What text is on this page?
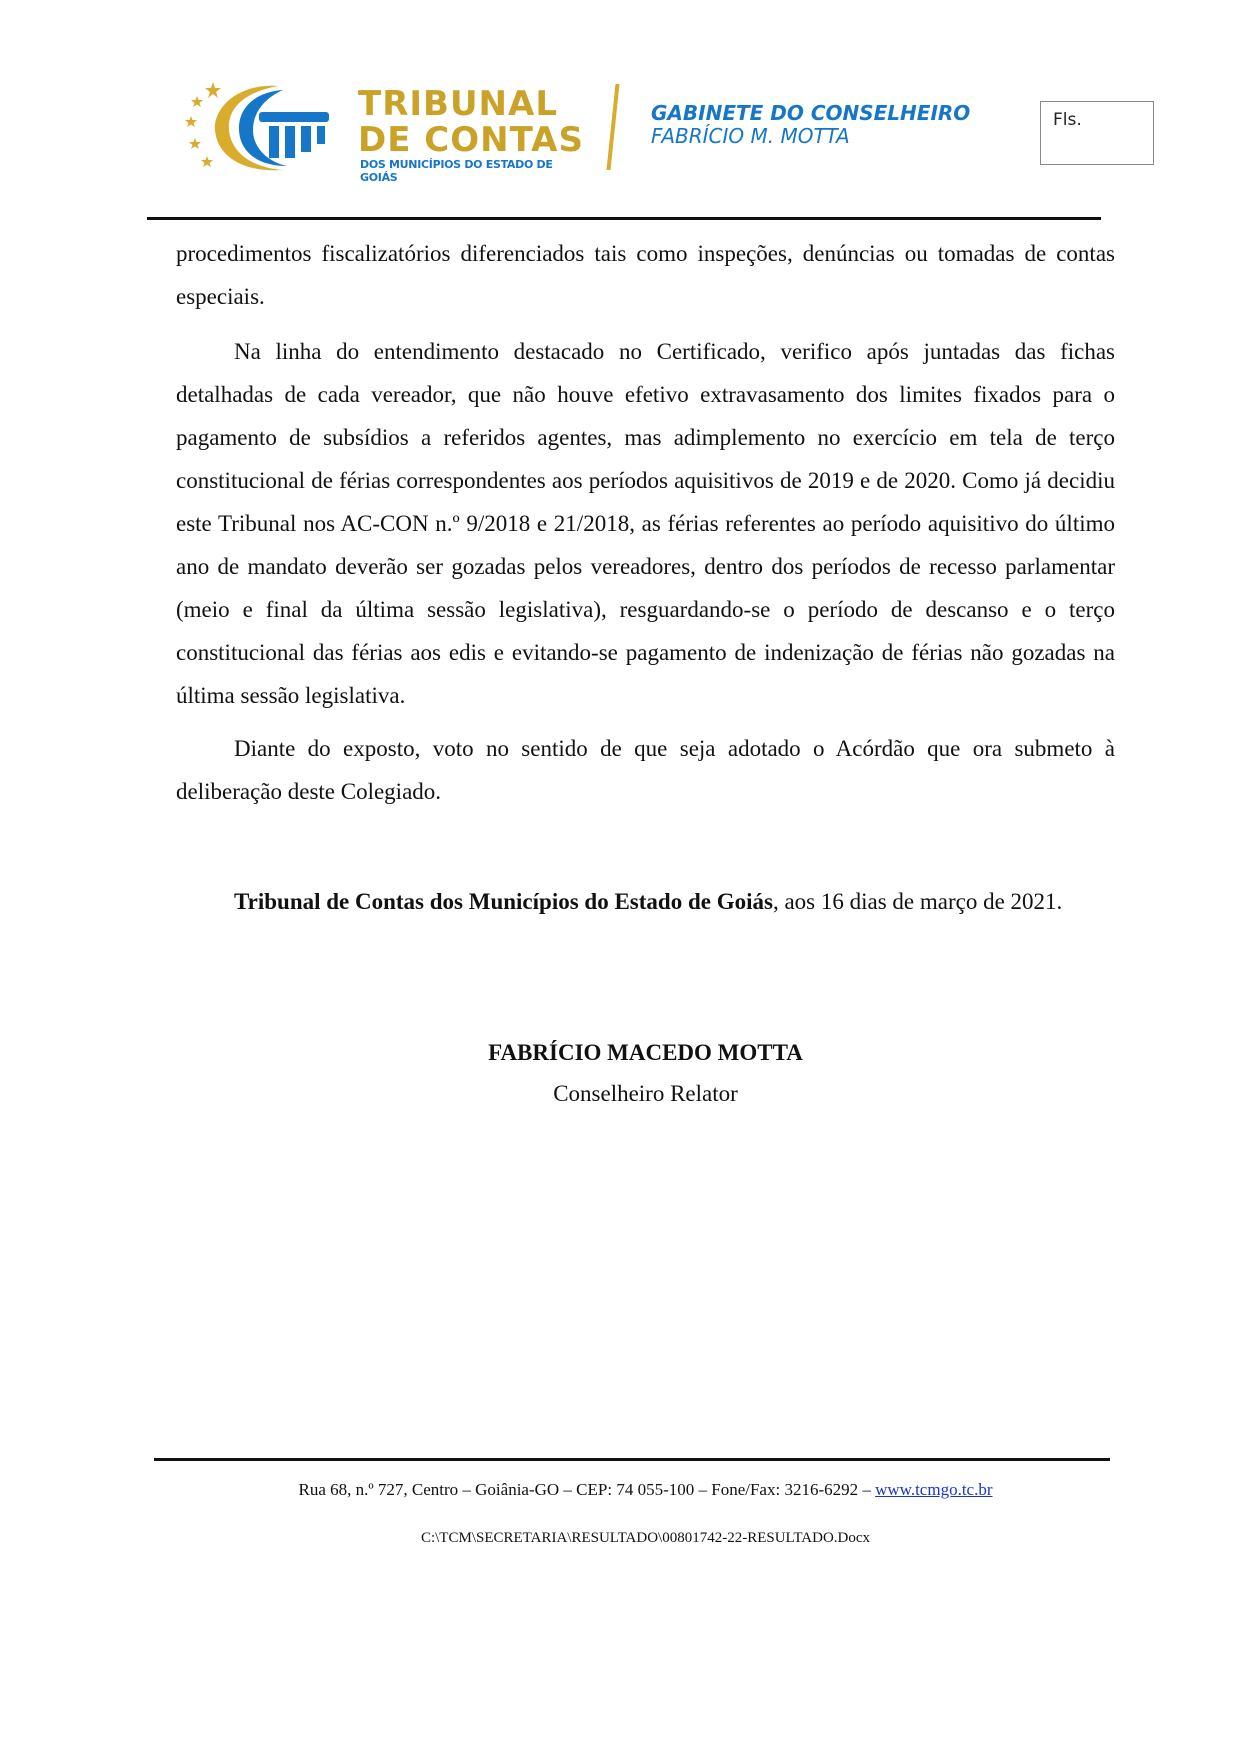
TRIBUNAL
DE CONTAS
DOS MUNICÍPIOS DO ESTADO DE GOIÁS
GABINETE DO CONSELHEIRO
FABRÍCIO M. MOTTA
Fls.

procedimentos fiscalizatórios diferenciados tais como inspeções, denúncias ou tomadas de contas especiais.

Na linha do entendimento destacado no Certificado, verifico após juntadas das fichas detalhadas de cada vereador, que não houve efetivo extravasamento dos limites fixados para o pagamento de subsídios a referidos agentes, mas adimplemento no exercício em tela de terço constitucional de férias correspondentes aos períodos aquisitivos de 2019 e de 2020. Como já decidiu este Tribunal nos AC-CON n.º 9/2018 e 21/2018, as férias referentes ao período aquisitivo do último ano de mandato deverão ser gozadas pelos vereadores, dentro dos períodos de recesso parlamentar (meio e final da última sessão legislativa), resguardando-se o período de descanso e o terço constitucional das férias aos edis e evitando-se pagamento de indenização de férias não gozadas na última sessão legislativa.

Diante do exposto, voto no sentido de que seja adotado o Acórdão que ora submeto à deliberação deste Colegiado.

Tribunal de Contas dos Municípios do Estado de Goiás, aos 16 dias de março de 2021.

FABRÍCIO MACEDO MOTTA
Conselheiro Relator
Rua 68, n.º 727, Centro – Goiânia-GO – CEP: 74 055-100 – Fone/Fax: 3216-6292 – www.tcmgo.tc.br
C:\TCM\SECRETARIA\RESULTADO\00801742-22-RESULTADO.Docx
